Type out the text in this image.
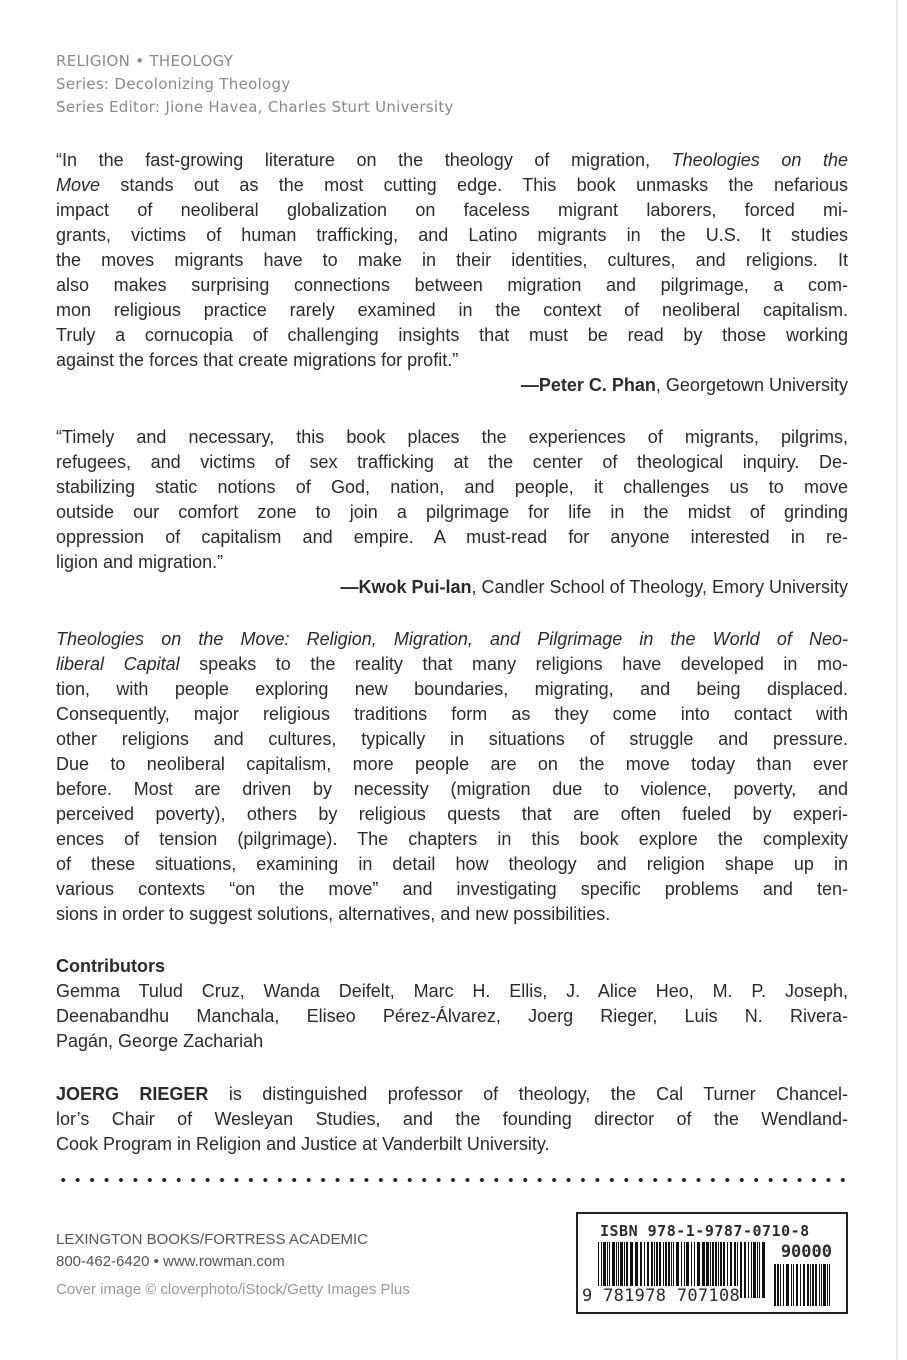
RELIGION • THEOLOGY
Series: Decolonizing Theology
Series Editor: Jione Havea, Charles Sturt University
“In the fast-growing literature on the theology of migration, Theologies on the
Move stands out as the most cutting edge. This book unmasks the nefarious
impact of neoliberal globalization on faceless migrant laborers, forced mi-
grants, victims of human trafficking, and Latino migrants in the U.S. It studies
the moves migrants have to make in their identities, cultures, and religions. It
also makes surprising connections between migration and pilgrimage, a com-
mon religious practice rarely examined in the context of neoliberal capitalism.
Truly a cornucopia of challenging insights that must be read by those working
against the forces that create migrations for profit.”
—Peter C. Phan, Georgetown University
“Timely and necessary, this book places the experiences of migrants, pilgrims,
refugees, and victims of sex trafficking at the center of theological inquiry. De-
stabilizing static notions of God, nation, and people, it challenges us to move
outside our comfort zone to join a pilgrimage for life in the midst of grinding
oppression of capitalism and empire. A must-read for anyone interested in re-
ligion and migration.”
—Kwok Pui-lan, Candler School of Theology, Emory University
Theologies on the Move: Religion, Migration, and Pilgrimage in the World of Neo-
liberal Capital speaks to the reality that many religions have developed in mo-
tion, with people exploring new boundaries, migrating, and being displaced.
Consequently, major religious traditions form as they come into contact with
other religions and cultures, typically in situations of struggle and pressure.
Due to neoliberal capitalism, more people are on the move today than ever
before. Most are driven by necessity (migration due to violence, poverty, and
perceived poverty), others by religious quests that are often fueled by experi-
ences of tension (pilgrimage). The chapters in this book explore the complexity
of these situations, examining in detail how theology and religion shape up in
various contexts “on the move” and investigating specific problems and ten-
sions in order to suggest solutions, alternatives, and new possibilities.
Contributors
Gemma Tulud Cruz, Wanda Deifelt, Marc H. Ellis, J. Alice Heo, M. P. Joseph,
Deenabandhu Manchala, Eliseo Pérez-Álvarez, Joerg Rieger, Luis N. Rivera-
Pagán, George Zachariah
JOERG RIEGER is distinguished professor of theology, the Cal Turner Chancel-
lor’s Chair of Wesleyan Studies, and the founding director of the Wendland-
Cook Program in Religion and Justice at Vanderbilt University.
LEXINGTON BOOKS/FORTRESS ACADEMIC
800-462-6420 • www.rowman.com
Cover image © cloverphoto/iStock/Getty Images Plus
ISBN 978-1-9787-0710-8
90000
9 781978 707108
